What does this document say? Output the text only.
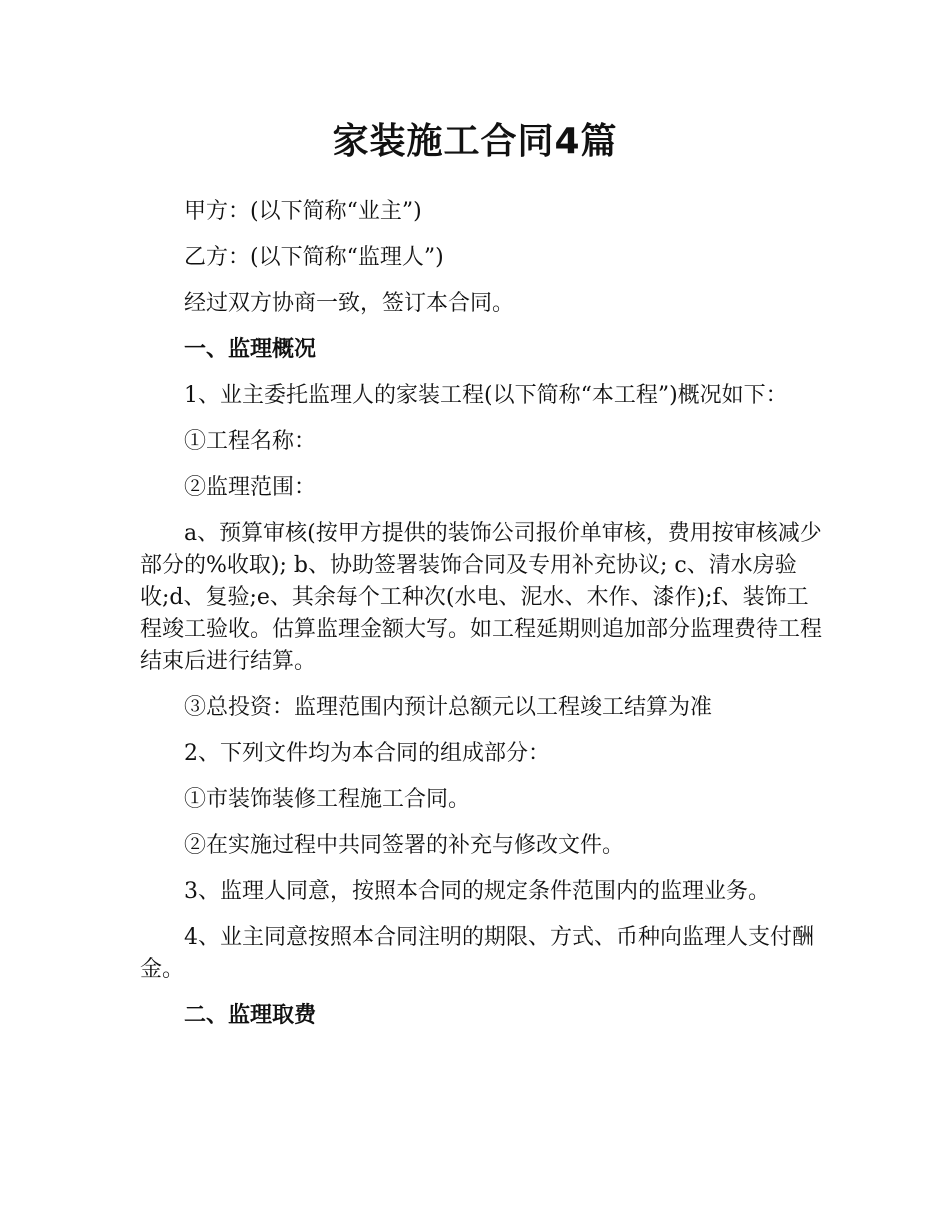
家装施工合同4篇

甲方：(以下简称“业主”)

乙方：(以下简称“监理人”)

经过双方协商一致，签订本合同。

一、监理概况

1、业主委托监理人的家装工程(以下简称“本工程”)概况如下：

①工程名称：

②监理范围：

a、预算审核(按甲方提供的装饰公司报价单审核，费用按审核减少部分的%收取); b、协助签署装饰合同及专用补充协议; c、清水房验收;d、复验;e、其余每个工种次(水电、泥水、木作、漆作);f、装饰工程竣工验收。估算监理金额大写。如工程延期则追加部分监理费待工程结束后进行结算。

③总投资：监理范围内预计总额元以工程竣工结算为准

2、下列文件均为本合同的组成部分：

①市装饰装修工程施工合同。

②在实施过程中共同签署的补充与修改文件。

3、监理人同意，按照本合同的规定条件范围内的监理业务。

4、业主同意按照本合同注明的期限、方式、币种向监理人支付酬金。

二、监理取费
